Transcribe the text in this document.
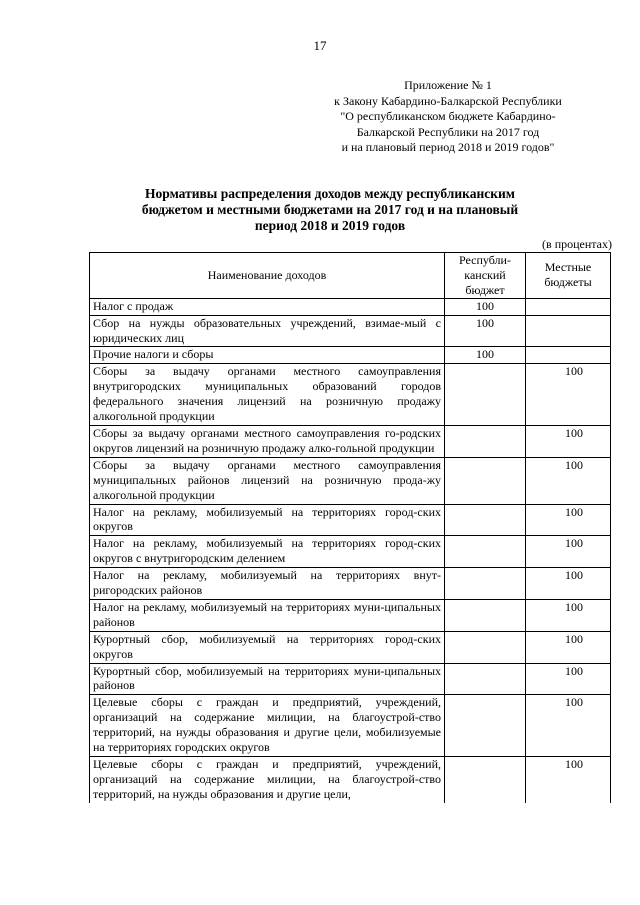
17
Приложение № 1
к Закону Кабардино-Балкарской Республики
"О республиканском бюджете Кабардино-
Балкарской Республики на 2017 год
и на плановый период 2018 и 2019 годов"
Нормативы распределения доходов между республиканским
бюджетом и местными бюджетами на 2017 год и на плановый
период 2018 и 2019 годов
(в процентах)
Наименование доходов	Республи-канский бюджет	Местные бюджеты
Налог с продаж	100	
Сбор на нужды образовательных учреждений, взимае-мый с юридических лиц	100	
Прочие налоги и сборы	100	
Сборы за выдачу органами местного самоуправления внутригородских муниципальных образований городов федерального значения лицензий на розничную продажу алкогольной продукции		100
Сборы за выдачу органами местного самоуправления го-родских округов лицензий на розничную продажу алко-гольной продукции		100
Сборы за выдачу органами местного самоуправления муниципальных районов лицензий на розничную прода-жу алкогольной продукции		100
Налог на рекламу, мобилизуемый на территориях город-ских округов		100
Налог на рекламу, мобилизуемый на территориях город-ских округов с внутригородским делением		100
Налог на рекламу, мобилизуемый на территориях внут-ригородских районов		100
Налог на рекламу, мобилизуемый на территориях муни-ципальных районов		100
Курортный сбор, мобилизуемый на территориях город-ских округов		100
Курортный сбор, мобилизуемый на территориях муни-ципальных районов		100
Целевые сборы с граждан и предприятий, учреждений, организаций на содержание милиции, на благоустрой-ство территорий, на нужды образования и другие цели, мобилизуемые на территориях городских округов		100
Целевые сборы с граждан и предприятий, учреждений, организаций на содержание милиции, на благоустрой-ство территорий, на нужды образования и другие цели,		100
